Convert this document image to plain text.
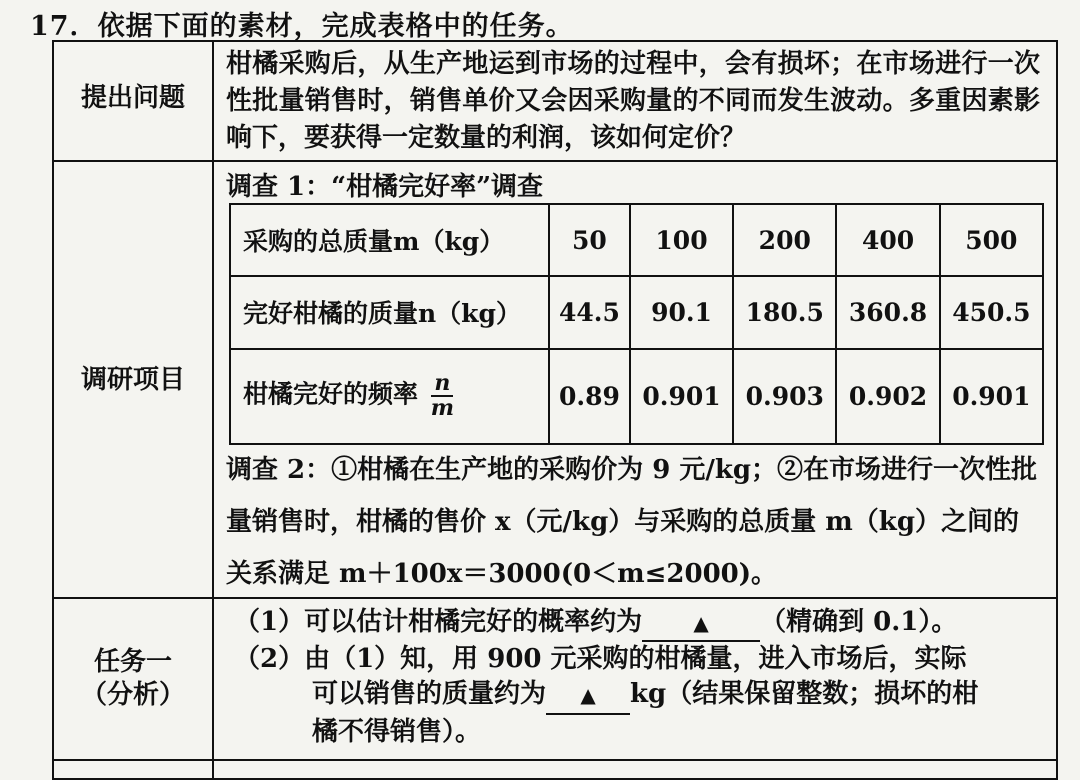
17．依据下面的素材，完成表格中的任务。
提出问题
柑橘采购后，从生产地运到市场的过程中，会有损坏；在市场进行一次性批量销售时，销售单价又会因采购量的不同而发生波动。多重因素影响下，要获得一定数量的利润，该如何定价？
调研项目
调查 1：“柑橘完好率”调查
采购的总质量m（kg）	50	100	200	400	500
完好柑橘的质量n（kg）	44.5	90.1	180.5	360.8	450.5
柑橘完好的频率 $\frac{n}{m}$	0.89	0.901	0.903	0.902	0.901
调查 2：①柑橘在生产地的采购价为 9 元/kg；②在市场进行一次性批量销售时，柑橘的售价 x（元/kg）与采购的总质量 m（kg）之间的关系满足 m＋100x＝3000(0＜m≤2000)。
任务一
（分析）
（1）可以估计柑橘完好的概率约为	▲ （精确到 0.1）。
（2）由（1）知，用 900 元采购的柑橘量，进入市场后，实际
可以销售的质量约为 ▲ kg（结果保留整数；损坏的柑
橘不得销售）。
